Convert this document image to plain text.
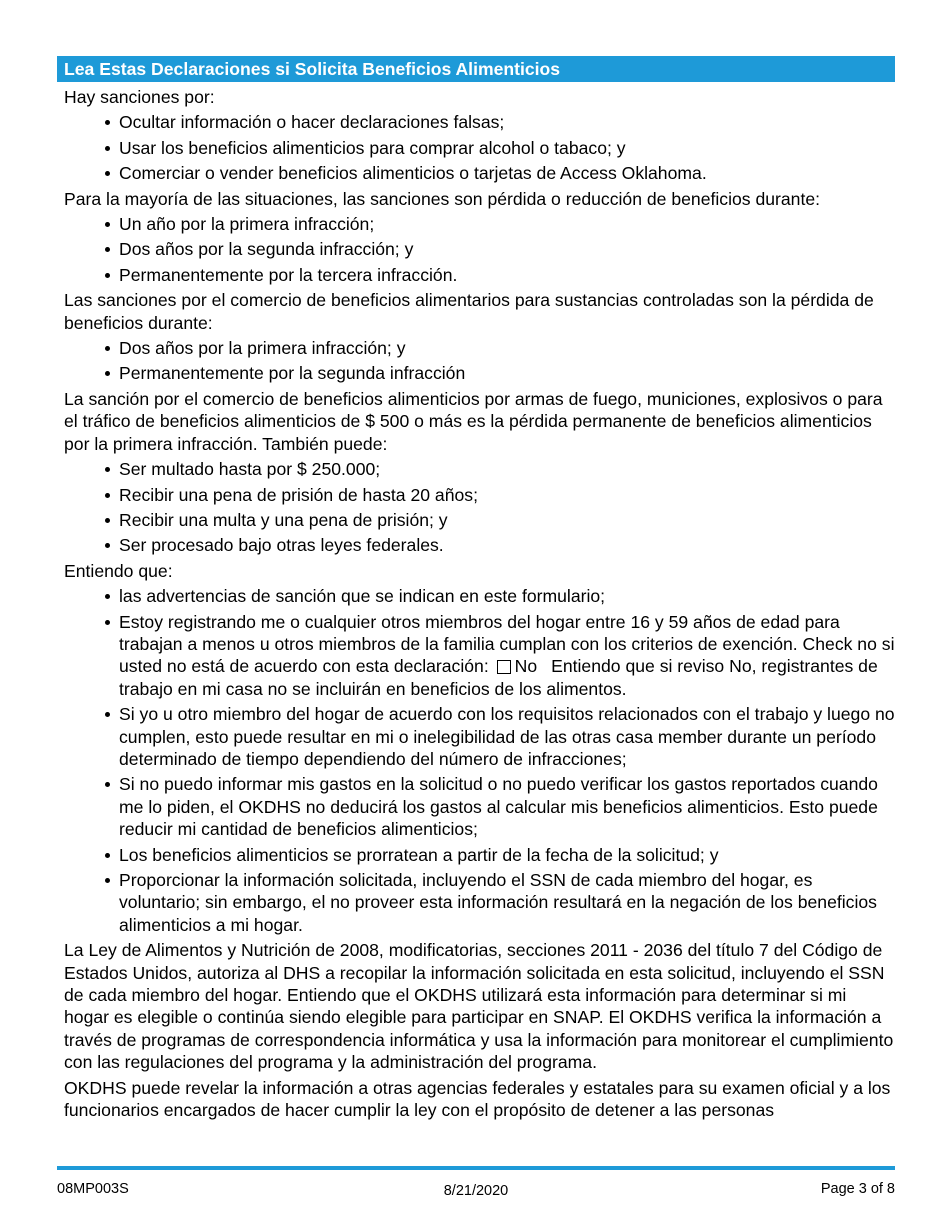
Lea Estas Declaraciones si Solicita Beneficios Alimenticios

Hay sanciones por:

Ocultar información o hacer declaraciones falsas;
Usar los beneficios alimenticios para comprar alcohol o tabaco; y
Comerciar o vender beneficios alimenticios o tarjetas de Access Oklahoma.

Para la mayoría de las situaciones, las sanciones son pérdida o reducción de beneficios durante:

Un año por la primera infracción;
Dos años por la segunda infracción; y
Permanentemente por la tercera infracción.

Las sanciones por el comercio de beneficios alimentarios para sustancias controladas son la pérdida de beneficios durante:

Dos años por la primera infracción; y
Permanentemente por la segunda infracción

La sanción por el comercio de beneficios alimenticios por armas de fuego, municiones, explosivos o para el tráfico de beneficios alimenticios de $ 500 o más es la pérdida permanente de beneficios alimenticios por la primera infracción. También puede:

Ser multado hasta por $ 250.000;
Recibir una pena de prisión de hasta 20 años;
Recibir una multa y una pena de prisión; y
Ser procesado bajo otras leyes federales.

Entiendo que:

las advertencias de sanción que se indican en este formulario;
Estoy registrando me o cualquier otros miembros del hogar entre 16 y 59 años de edad para trabajan a menos u otros miembros de la familia cumplan con los criterios de exención. Check no si usted no está de acuerdo con esta declaración: No Entiendo que si reviso No, registrantes de trabajo en mi casa no se incluirán en beneficios de los alimentos.
Si yo u otro miembro del hogar de acuerdo con los requisitos relacionados con el trabajo y luego no cumplen, esto puede resultar en mi o inelegibilidad de las otras casa member durante un período determinado de tiempo dependiendo del número de infracciones;
Si no puedo informar mis gastos en la solicitud o no puedo verificar los gastos reportados cuando me lo piden, el OKDHS no deducirá los gastos al calcular mis beneficios alimenticios. Esto puede reducir mi cantidad de beneficios alimenticios;
Los beneficios alimenticios se prorratean a partir de la fecha de la solicitud; y
Proporcionar la información solicitada, incluyendo el SSN de cada miembro del hogar, es voluntario; sin embargo, el no proveer esta información resultará en la negación de los beneficios alimenticios a mi hogar.

La Ley de Alimentos y Nutrición de 2008, modificatorias, secciones 2011 - 2036 del título 7 del Código de Estados Unidos, autoriza al DHS a recopilar la información solicitada en esta solicitud, incluyendo el SSN de cada miembro del hogar. Entiendo que el OKDHS utilizará esta información para determinar si mi hogar es elegible o continúa siendo elegible para participar en SNAP. El OKDHS verifica la información a través de programas de correspondencia informática y usa la información para monitorear el cumplimiento con las regulaciones del programa y la administración del programa.

OKDHS puede revelar la información a otras agencias federales y estatales para su examen oficial y a los funcionarios encargados de hacer cumplir la ley con el propósito de detener a las personas

08MP003S	8/21/2020	Page 3 of 8
